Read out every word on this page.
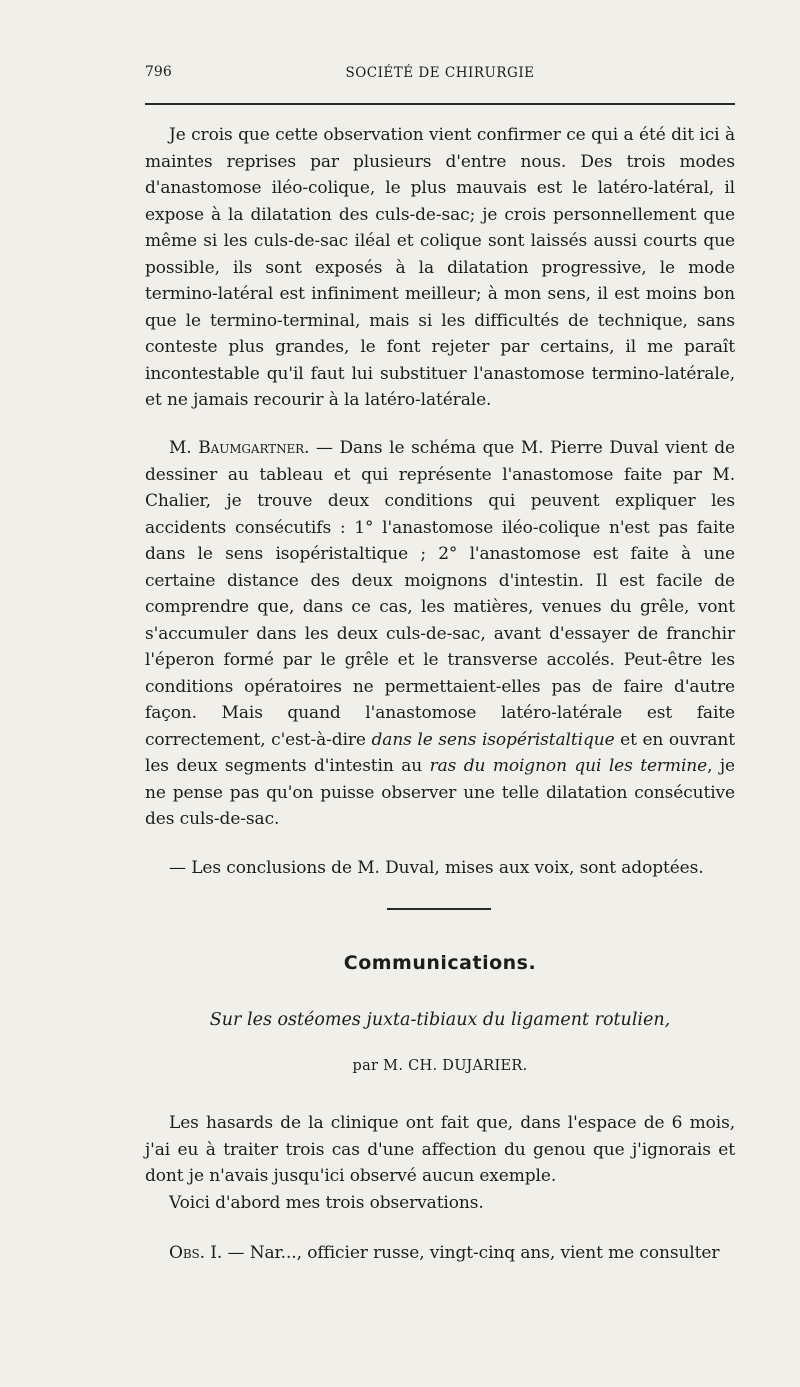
796	SOCIÉTÉ DE CHIRURGIE

Je crois que cette observation vient confirmer ce qui a été dit ici à maintes reprises par plusieurs d'entre nous. Des trois modes d'anastomose iléo-colique, le plus mauvais est le latéro-latéral, il expose à la dilatation des culs-de-sac; je crois personnellement que même si les culs-de-sac iléal et colique sont laissés aussi courts que possible, ils sont exposés à la dilatation progressive, le mode termino-latéral est infiniment meilleur; à mon sens, il est moins bon que le termino-terminal, mais si les difficultés de technique, sans conteste plus grandes, le font rejeter par certains, il me paraît incontestable qu'il faut lui substituer l'anastomose termino-latérale, et ne jamais recourir à la latéro-latérale.

M. Baumgartner. — Dans le schéma que M. Pierre Duval vient de dessiner au tableau et qui représente l'anastomose faite par M. Chalier, je trouve deux conditions qui peuvent expliquer les accidents consécutifs : 1° l'anastomose iléo-colique n'est pas faite dans le sens isopéristaltique ; 2° l'anastomose est faite à une certaine distance des deux moignons d'intestin. Il est facile de comprendre que, dans ce cas, les matières, venues du grêle, vont s'accumuler dans les deux culs-de-sac, avant d'essayer de franchir l'éperon formé par le grêle et le transverse accolés. Peut-être les conditions opératoires ne permettaient-elles pas de faire d'autre façon. Mais quand l'anastomose latéro-latérale est faite correctement, c'est-à-dire dans le sens isopéristaltique et en ouvrant les deux segments d'intestin au ras du moignon qui les termine, je ne pense pas qu'on puisse observer une telle dilatation consécutive des culs-de-sac.

— Les conclusions de M. Duval, mises aux voix, sont adoptées.

Communications.
Sur les ostéomes juxta-tibiaux du ligament rotulien,
par M. CH. DUJARIER.

Les hasards de la clinique ont fait que, dans l'espace de 6 mois, j'ai eu à traiter trois cas d'une affection du genou que j'ignorais et dont je n'avais jusqu'ici observé aucun exemple.

Voici d'abord mes trois observations.

Obs. I. — Nar..., officier russe, vingt-cinq ans, vient me consulter
